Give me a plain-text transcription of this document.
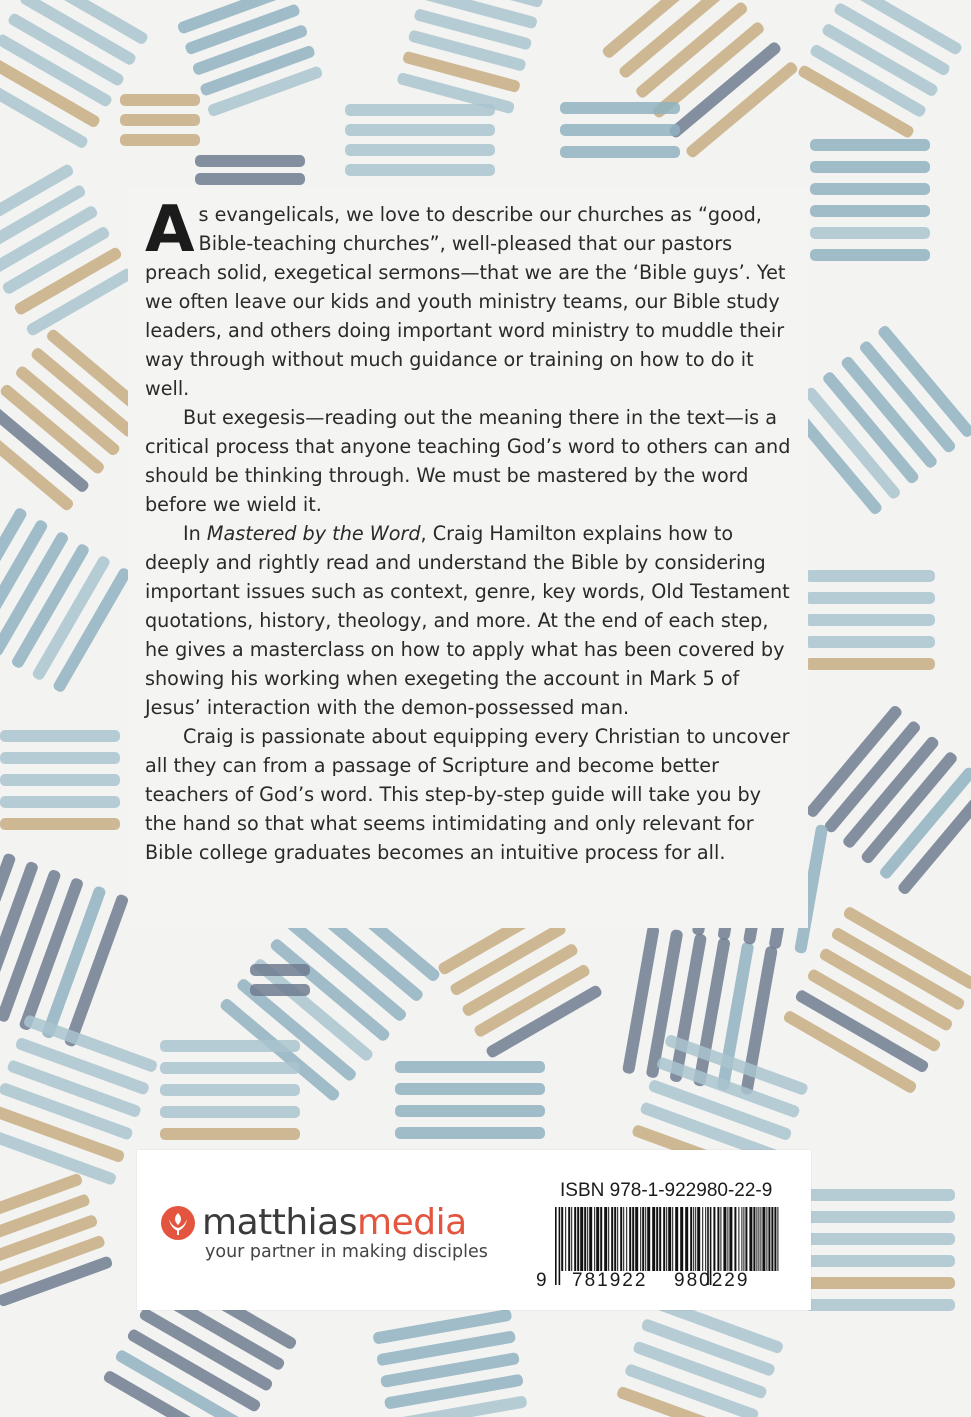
As evangelicals, we love to describe our churches as “good, Bible-teaching churches”, well-pleased that our pastors preach solid, exegetical sermons—that we are the ‘Bible guys’. Yet we often leave our kids and youth ministry teams, our Bible study leaders, and others doing important word ministry to muddle their way through without much guidance or training on how to do it well.

But exegesis—reading out the meaning there in the text—is a critical process that anyone teaching God’s word to others can and should be thinking through. We must be mastered by the word before we wield it.

In Mastered by the Word, Craig Hamilton explains how to deeply and rightly read and understand the Bible by considering important issues such as context, genre, key words, Old Testament quotations, history, theology, and more. At the end of each step, he gives a masterclass on how to apply what has been covered by showing his working when exegeting the account in Mark 5 of Jesus’ interaction with the demon-possessed man.

Craig is passionate about equipping every Christian to uncover all they can from a passage of Scripture and become better teachers of God’s word. This step-by-step guide will take you by the hand so that what seems intimidating and only relevant for Bible college graduates becomes an intuitive process for all.

matthiasmedia
your partner in making disciples
ISBN 978-1-922980-22-9
9 781922 980229
